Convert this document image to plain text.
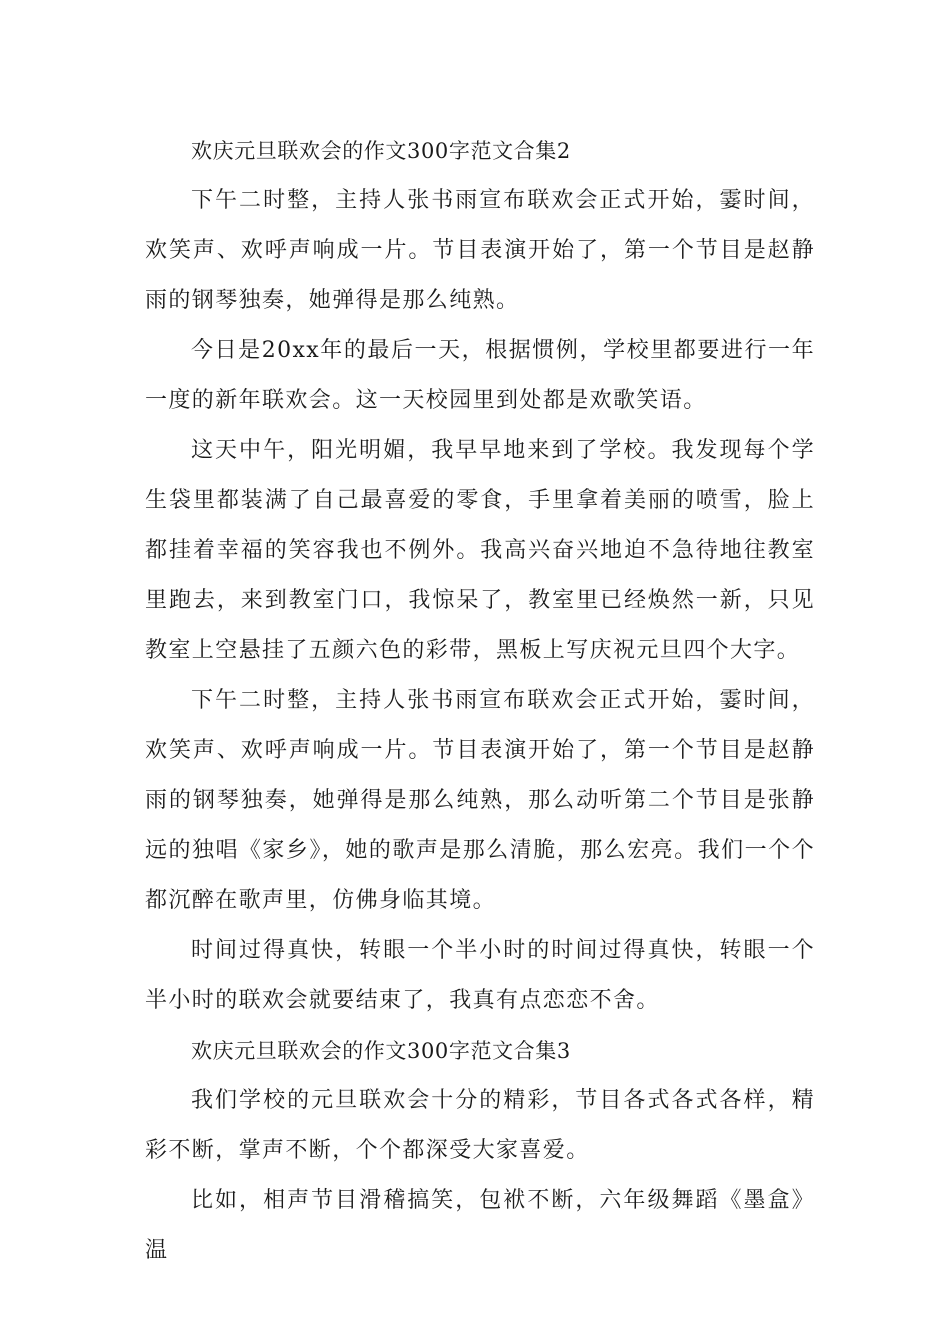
欢庆元旦联欢会的作文300字范文合集2

下午二时整，主持人张书雨宣布联欢会正式开始，霎时间，欢笑声、欢呼声响成一片。节目表演开始了，第一个节目是赵静雨的钢琴独奏，她弹得是那么纯熟。

今日是20xx年的最后一天，根据惯例，学校里都要进行一年一度的新年联欢会。这一天校园里到处都是欢歌笑语。

这天中午，阳光明媚，我早早地来到了学校。我发现每个学生袋里都装满了自己最喜爱的零食，手里拿着美丽的喷雪，脸上都挂着幸福的笑容我也不例外。我高兴奋兴地迫不急待地往教室里跑去，来到教室门口，我惊呆了，教室里已经焕然一新，只见教室上空悬挂了五颜六色的彩带，黑板上写庆祝元旦四个大字。

下午二时整，主持人张书雨宣布联欢会正式开始，霎时间，欢笑声、欢呼声响成一片。节目表演开始了，第一个节目是赵静雨的钢琴独奏，她弹得是那么纯熟，那么动听第二个节目是张静远的独唱《家乡》，她的歌声是那么清脆，那么宏亮。我们一个个都沉醉在歌声里，仿佛身临其境。

时间过得真快，转眼一个半小时的时间过得真快，转眼一个半小时的联欢会就要结束了，我真有点恋恋不舍。

欢庆元旦联欢会的作文300字范文合集3

我们学校的元旦联欢会十分的精彩，节目各式各式各样，精彩不断，掌声不断，个个都深受大家喜爱。

比如，相声节目滑稽搞笑，包袱不断，六年级舞蹈《墨盒》温
